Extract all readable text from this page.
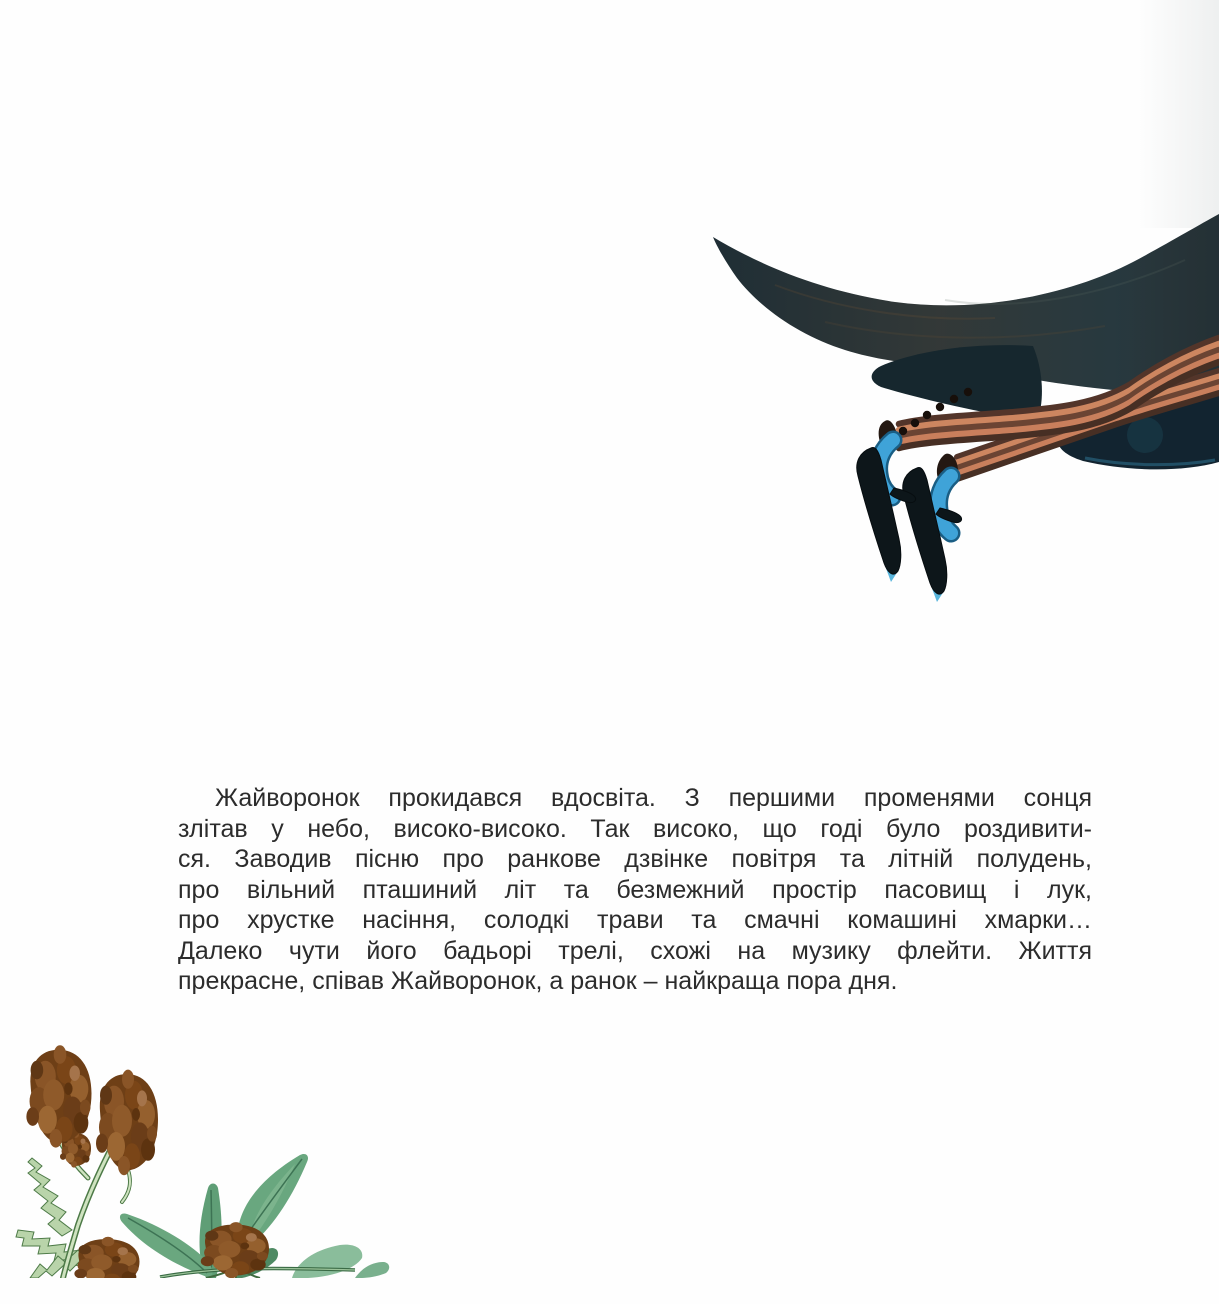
Жайворонок прокидався вдосвіта. З першими променями сонця
злітав у небо, високо-високо. Так високо, що годі було роздивити-
ся. Заводив пісню про ранкове дзвінке повітря та літній полудень,
про вільний пташиний літ та безмежний простір пасовищ і лук,
про хрустке насіння, солодкі трави та смачні комашині хмарки…
Далеко чути його бадьорі трелі, схожі на музику флейти. Життя
прекрасне, співав Жайворонок, а ранок – найкраща пора дня.
